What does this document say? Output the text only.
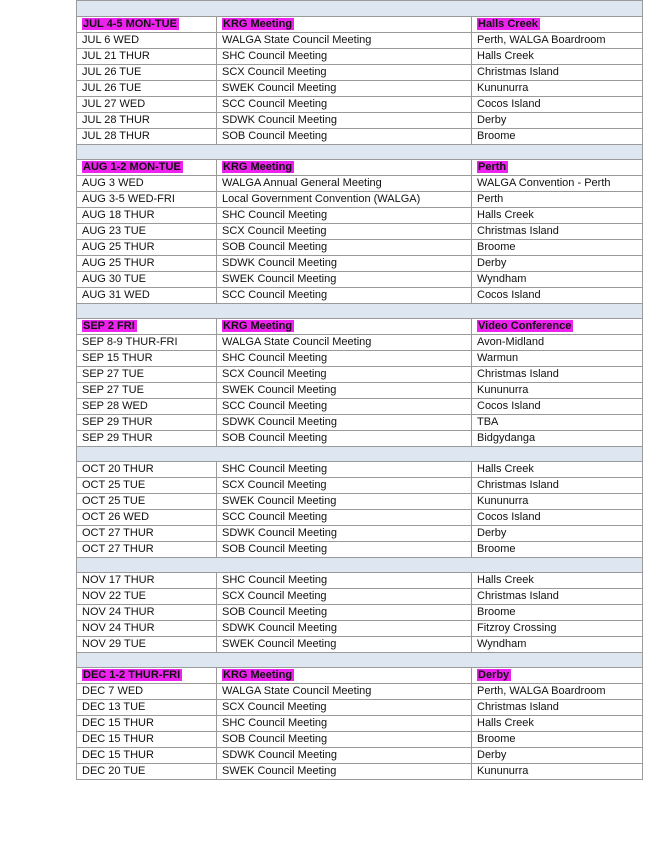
JUL 4-5 MON-TUE	KRG Meeting	Halls Creek
JUL 6 WED	WALGA State Council Meeting	Perth, WALGA Boardroom
JUL 21 THUR	SHC Council Meeting	Halls Creek
JUL 26 TUE	SCX Council Meeting	Christmas Island
JUL 26 TUE	SWEK Council Meeting	Kununurra
JUL 27 WED	SCC Council Meeting	Cocos Island
JUL 28 THUR	SDWK Council Meeting	Derby
JUL 28 THUR	SOB Council Meeting	Broome

AUG 1-2 MON-TUE	KRG Meeting	Perth
AUG 3 WED	WALGA Annual General Meeting	WALGA Convention - Perth
AUG 3-5 WED-FRI	Local Government Convention (WALGA)	Perth
AUG 18 THUR	SHC Council Meeting	Halls Creek
AUG 23 TUE	SCX Council Meeting	Christmas Island
AUG 25 THUR	SOB Council Meeting	Broome
AUG 25 THUR	SDWK Council Meeting	Derby
AUG 30 TUE	SWEK Council Meeting	Wyndham
AUG 31 WED	SCC Council Meeting	Cocos Island

SEP 2 FRI	KRG Meeting	Video Conference
SEP 8-9 THUR-FRI	WALGA State Council Meeting	Avon-Midland
SEP 15 THUR	SHC Council Meeting	Warmun
SEP 27 TUE	SCX Council Meeting	Christmas Island
SEP 27 TUE	SWEK Council Meeting	Kununurra
SEP 28 WED	SCC Council Meeting	Cocos Island
SEP 29 THUR	SDWK Council Meeting	TBA
SEP 29 THUR	SOB Council Meeting	Bidgydanga

OCT 20 THUR	SHC Council Meeting	Halls Creek
OCT 25 TUE	SCX Council Meeting	Christmas Island
OCT 25 TUE	SWEK Council Meeting	Kununurra
OCT 26 WED	SCC Council Meeting	Cocos Island
OCT 27 THUR	SDWK Council Meeting	Derby
OCT 27 THUR	SOB Council Meeting	Broome

NOV 17 THUR	SHC Council Meeting	Halls Creek
NOV 22 TUE	SCX Council Meeting	Christmas Island
NOV 24 THUR	SOB Council Meeting	Broome
NOV 24 THUR	SDWK Council Meeting	Fitzroy Crossing
NOV 29 TUE	SWEK Council Meeting	Wyndham

DEC 1-2 THUR-FRI	KRG Meeting	Derby
DEC 7 WED	WALGA State Council Meeting	Perth, WALGA Boardroom
DEC 13 TUE	SCX Council Meeting	Christmas Island
DEC 15 THUR	SHC Council Meeting	Halls Creek
DEC 15 THUR	SOB Council Meeting	Broome
DEC 15 THUR	SDWK Council Meeting	Derby
DEC 20 TUE	SWEK Council Meeting	Kununurra
